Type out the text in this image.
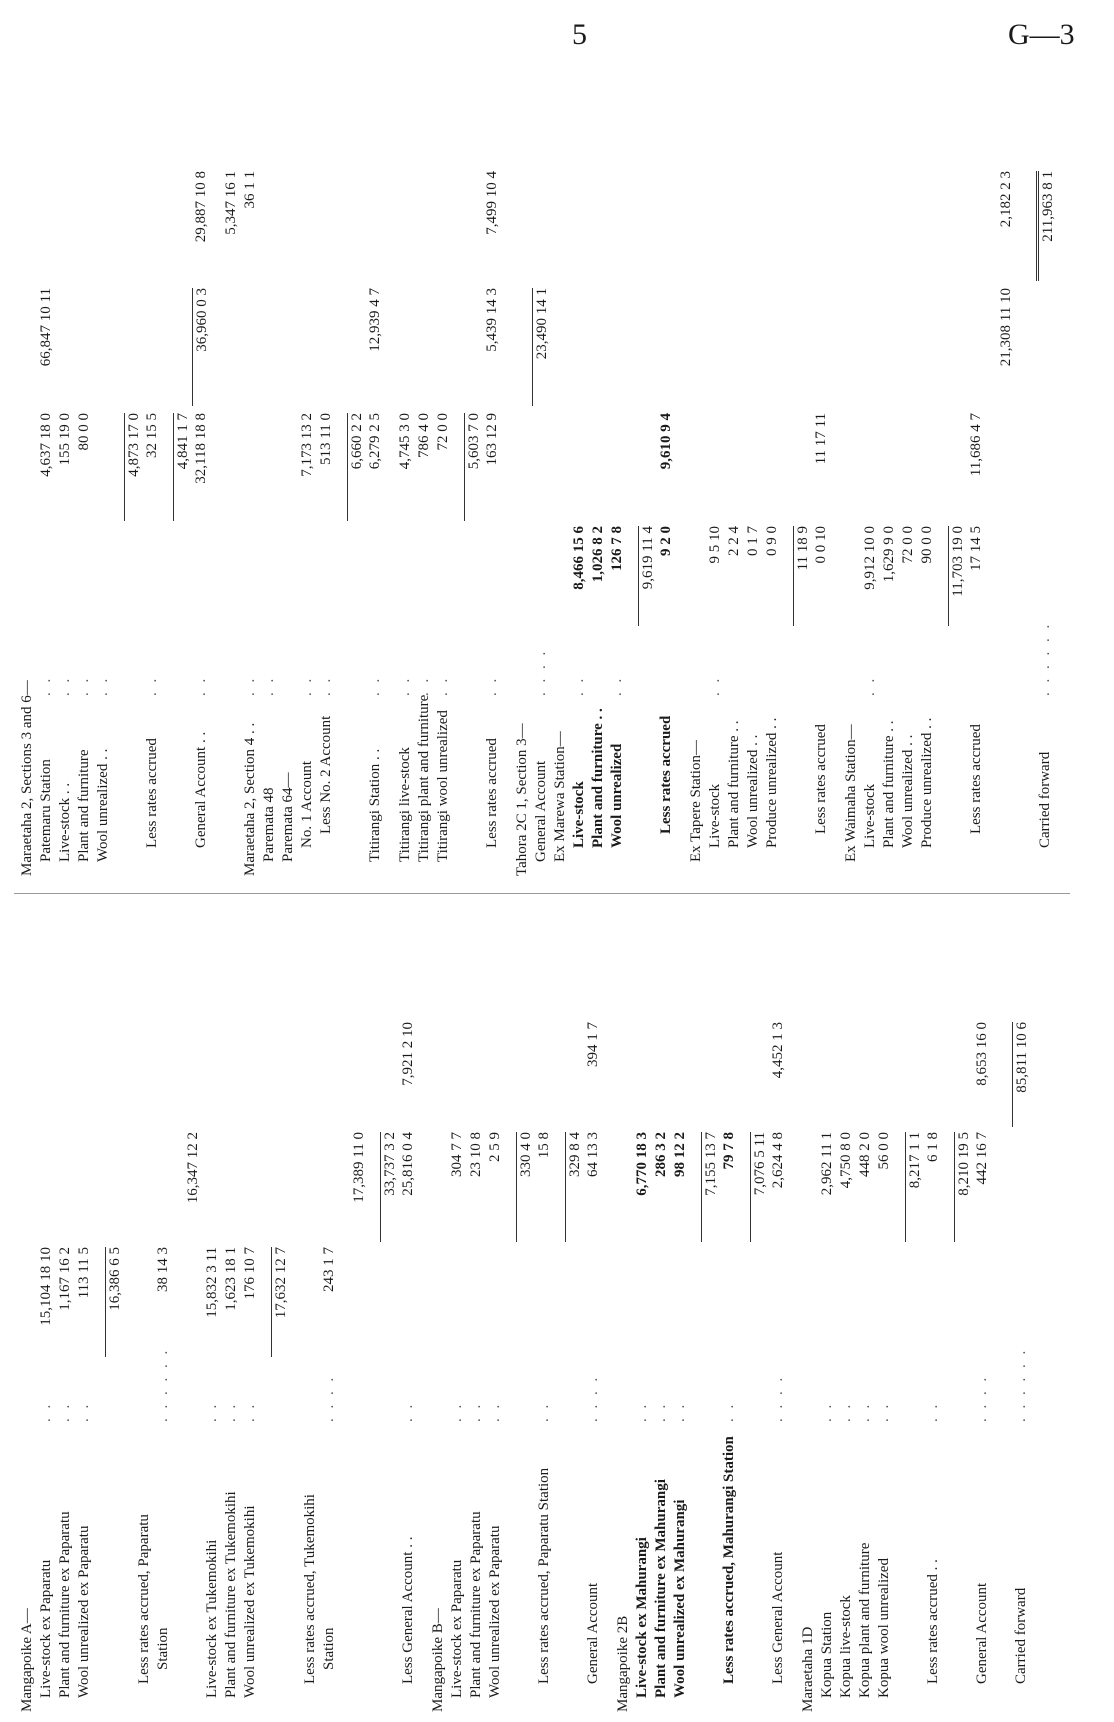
5	G—3
Mangapoike A— Live-stock ex Paparatu
. .
15,104 18 10
Plant and furniture ex Paparatu
. .
1,167 16 2
Wool unrealized ex Paparatu
. .
113 11 5 16,386 6 5
Less rates accrued, Paparatu Station
. . . . . .
38 14 3
16,347 12 2
Live-stock ex Tukemokihi
. .
15,832 3 11
Plant and furniture ex Tukemokihi
. .
1,623 18 1
Wool unrealized ex Tukemokihi
. .
176 10 7 17,632 12 7
Less rates accrued, Tukemokihi Station
. . . .
243 1 7
17,389 11 0 33,737 3 2
Less General Account . .
. .
25,816 0 4
7,921 2 10
Mangapoike B— Live-stock ex Paparatu
. .
304 7 7
Plant and furniture ex Paparatu
. .
23 10 8
Wool unrealized ex Paparatu
. .
2 5 9 330 4 0
Less rates accrued, Paparatu Station
. .
15 8 329 8 4
General Account
. . . .
64 13 3
394 1 7
Mangapoike 2B Live-stock ex Mahurangi
. .
6,770 18 3
Plant and furniture ex Mahurangi
. .
286 3 2
Wool unrealized ex Mahurangi
. .
98 12 2 7,155 13 7
Less rates accrued, Mahurangi Station
. .
79 7 8 7,076 5 11
Less General Account
. . . .
2,624 4 8
4,452 1 3
Maraetaha 1D Kopua Station
. .
2,962 11 1
Kopua live-stock
. .
4,750 8 0
Kopua plant and furniture
. .
448 2 0
Kopua wool unrealized
. .
56 0 0 8,217 1 1
Less rates accrued . .
. .
6 1 8 8,210 19 5
General Account
. . . .
442 16 7
8,653 16 0
Carried forward
. . . . . .
85,811 10 6
Maraetaha 2, Sections 3 and 6— Patemaru Station
. .
4,637 18 0
66,847 10 11
Live-stock . .
. .
155 19 0
Plant and furniture
. .
80 0 0
Wool unrealized . .
. .
4,873 17 0
Less rates accrued
. .
32 15 5 4,841 1 7
General Account . .
. .
32,118 18 8
36,960 0 3
29,887 10 8 5,347 16 1
Maraetaha 2, Section 4 . .
. .
36 1 1
Paremata 48
. .
Paremata 64— No. 1 Account
. .
7,173 13 2
Less No. 2 Account
. .
513 11 0 6,660 2 2
Titirangi Station . .
. .
6,279 2 5
12,939 4 7
Titirangi live-stock
. .
4,745 3 0
Titirangi plant and furniture
. .
786 4 0
Titirangi wool unrealized
. .
72 0 0 5,603 7 0
Less rates accrued
. .
163 12 9
5,439 14 3
7,499 10 4
Tahora 2C 1, Section 3— General Account
. . . .
23,490 14 1
Ex Marewa Station— Live-stock
. .
8,466 15 6
Plant and furniture . .
1,026 8 2
Wool unrealized
. .
126 7 8 9,619 11 4
Less rates accrued
9 2 0
9,610 9 4
Ex Tapere Station— Live-stock
. .
9 5 10
Plant and furniture . .
2 2 4
Wool unrealized . .
0 1 7
Produce unrealized . .
0 9 0 11 18 9
Less rates accrued
0 0 10
11 17 11
Ex Waimaha Station— Live-stock
. .
9,912 10 0
Plant and furniture . .
1,629 9 0
Wool unrealized . .
72 0 0
Produce unrealized . .
90 0 0 11,703 19 0
Less rates accrued
17 14 5
11,686 4 7
21,308 11 10
2,182 2 3
Carried forward
. . . . . .
211,963 8 1
